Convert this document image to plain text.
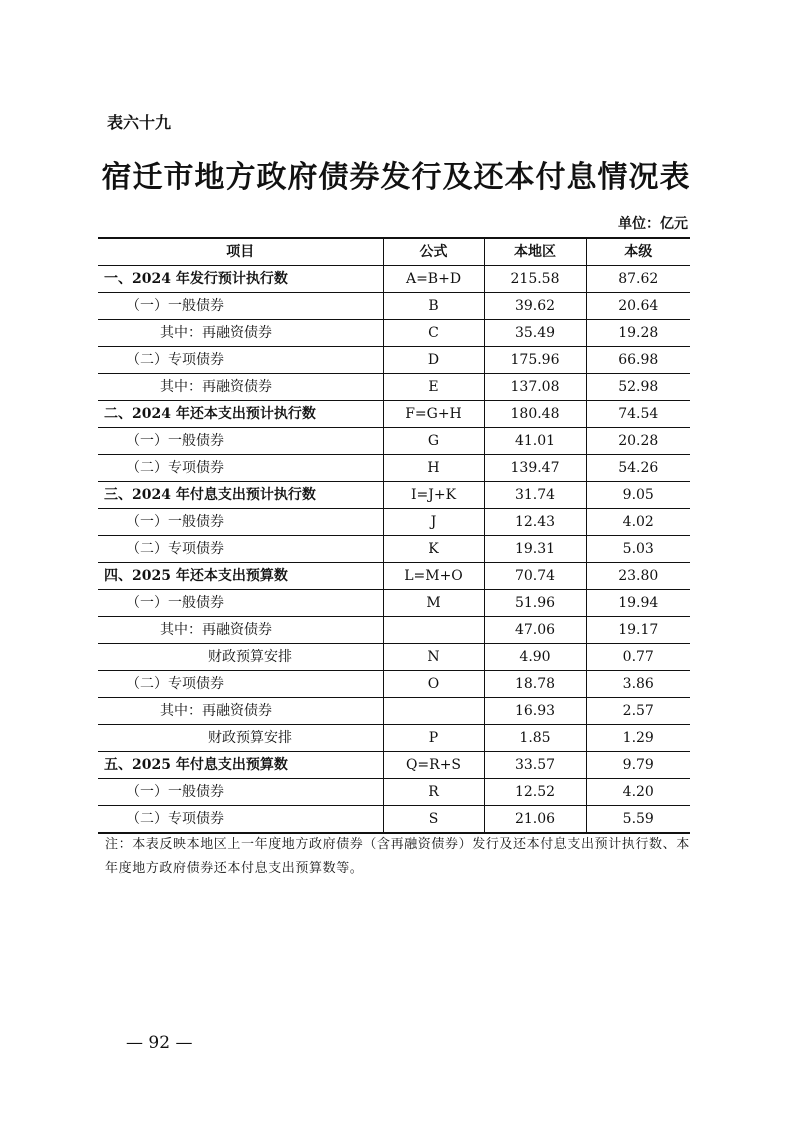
表六十九
宿迁市地方政府债券发行及还本付息情况表
单位：亿元
项目	公式	本地区	本级
一、2024 年发行预计执行数	A=B+D	215.58	87.62
（一）一般债券	B	39.62	20.64
其中：再融资债券	C	35.49	19.28
（二）专项债券	D	175.96	66.98
其中：再融资债券	E	137.08	52.98
二、2024 年还本支出预计执行数	F=G+H	180.48	74.54
（一）一般债券	G	41.01	20.28
（二）专项债券	H	139.47	54.26
三、2024 年付息支出预计执行数	I=J+K	31.74	9.05
（一）一般债券	J	12.43	4.02
（二）专项债券	K	19.31	5.03
四、2025 年还本支出预算数	L=M+O	70.74	23.80
（一）一般债券	M	51.96	19.94
其中：再融资债券		47.06	19.17
财政预算安排	N	4.90	0.77
（二）专项债券	O	18.78	3.86
其中：再融资债券		16.93	2.57
财政预算安排	P	1.85	1.29
五、2025 年付息支出预算数	Q=R+S	33.57	9.79
（一）一般债券	R	12.52	4.20
（二）专项债券	S	21.06	5.59
注：本表反映本地区上一年度地方政府债券（含再融资债券）发行及还本付息支出预计执行数、本年度地方政府债券还本付息支出预算数等。
— 92 —
